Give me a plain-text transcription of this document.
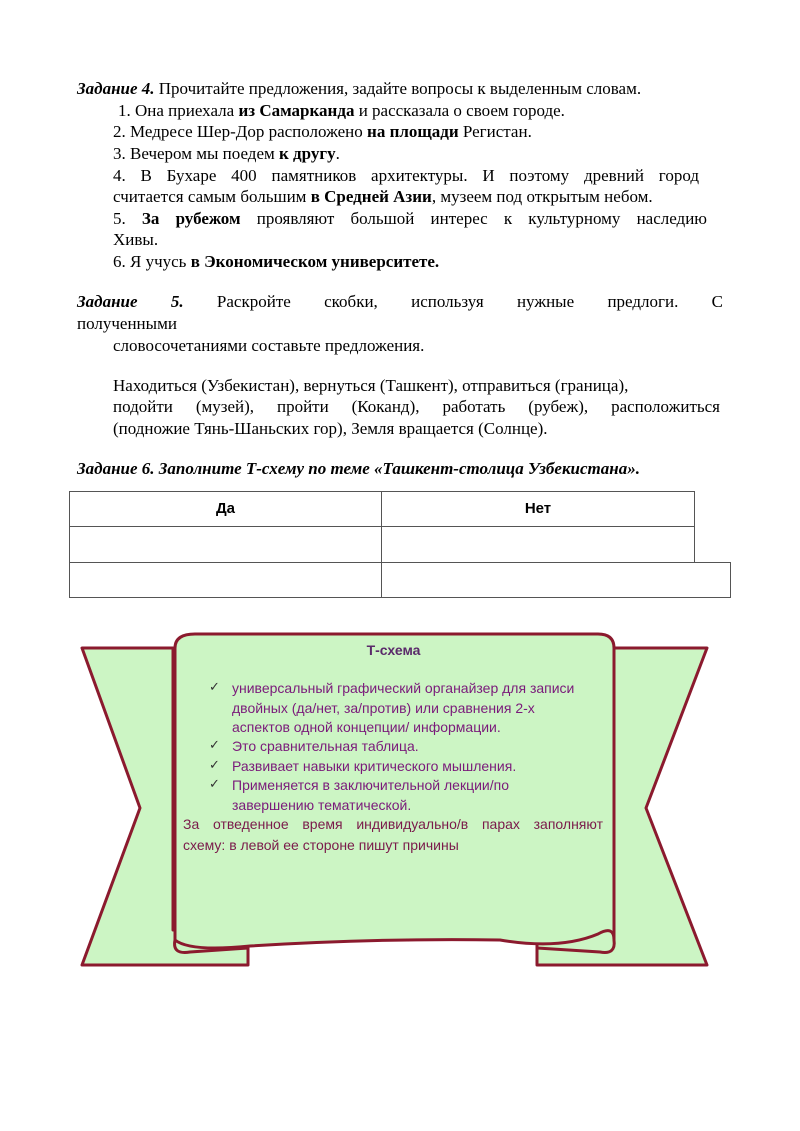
Задание 4. Прочитайте предложения, задайте вопросы к выделенным словам.
1. Она приехала из Самарканда и рассказала о своем городе.
2. Медресе Шер-Дор расположено на площади Регистан.
3. Вечером мы поедем к другу.
4. В Бухаре 400 памятников архитектуры. И поэтому древний город
считается самым большим в Средней Азии, музеем под открытым небом.
5. За рубежом проявляют большой интерес к культурному наследию
Хивы.
6. Я учусь в Экономическом университете.
Задание 5. Раскройте скобки, используя нужные предлоги. С
полученными
словосочетаниями составьте предложения.
Находиться (Узбекистан), вернуться (Ташкент), отправиться (граница),
подойти (музей), пройти (Коканд), работать (рубеж), расположиться
(подножие Тянь-Шаньских гор), Земля вращается (Солнце).
Задание 6. Заполните Т-схему по теме «Ташкент-столица Узбекистана».
Да	Нет
Т-схема
✓ универсальный графический органайзер для записи
двойных (да/нет, за/против) или сравнения 2-х
аспектов одной концепции/ информации.
✓ Это сравнительная таблица.
✓ Развивает навыки критического мышления.
✓ Применяется в заключительной лекции/по
завершению тематической.
За отведенное время индивидуально/в парах заполняют
схему: в левой ее стороне пишут причины
